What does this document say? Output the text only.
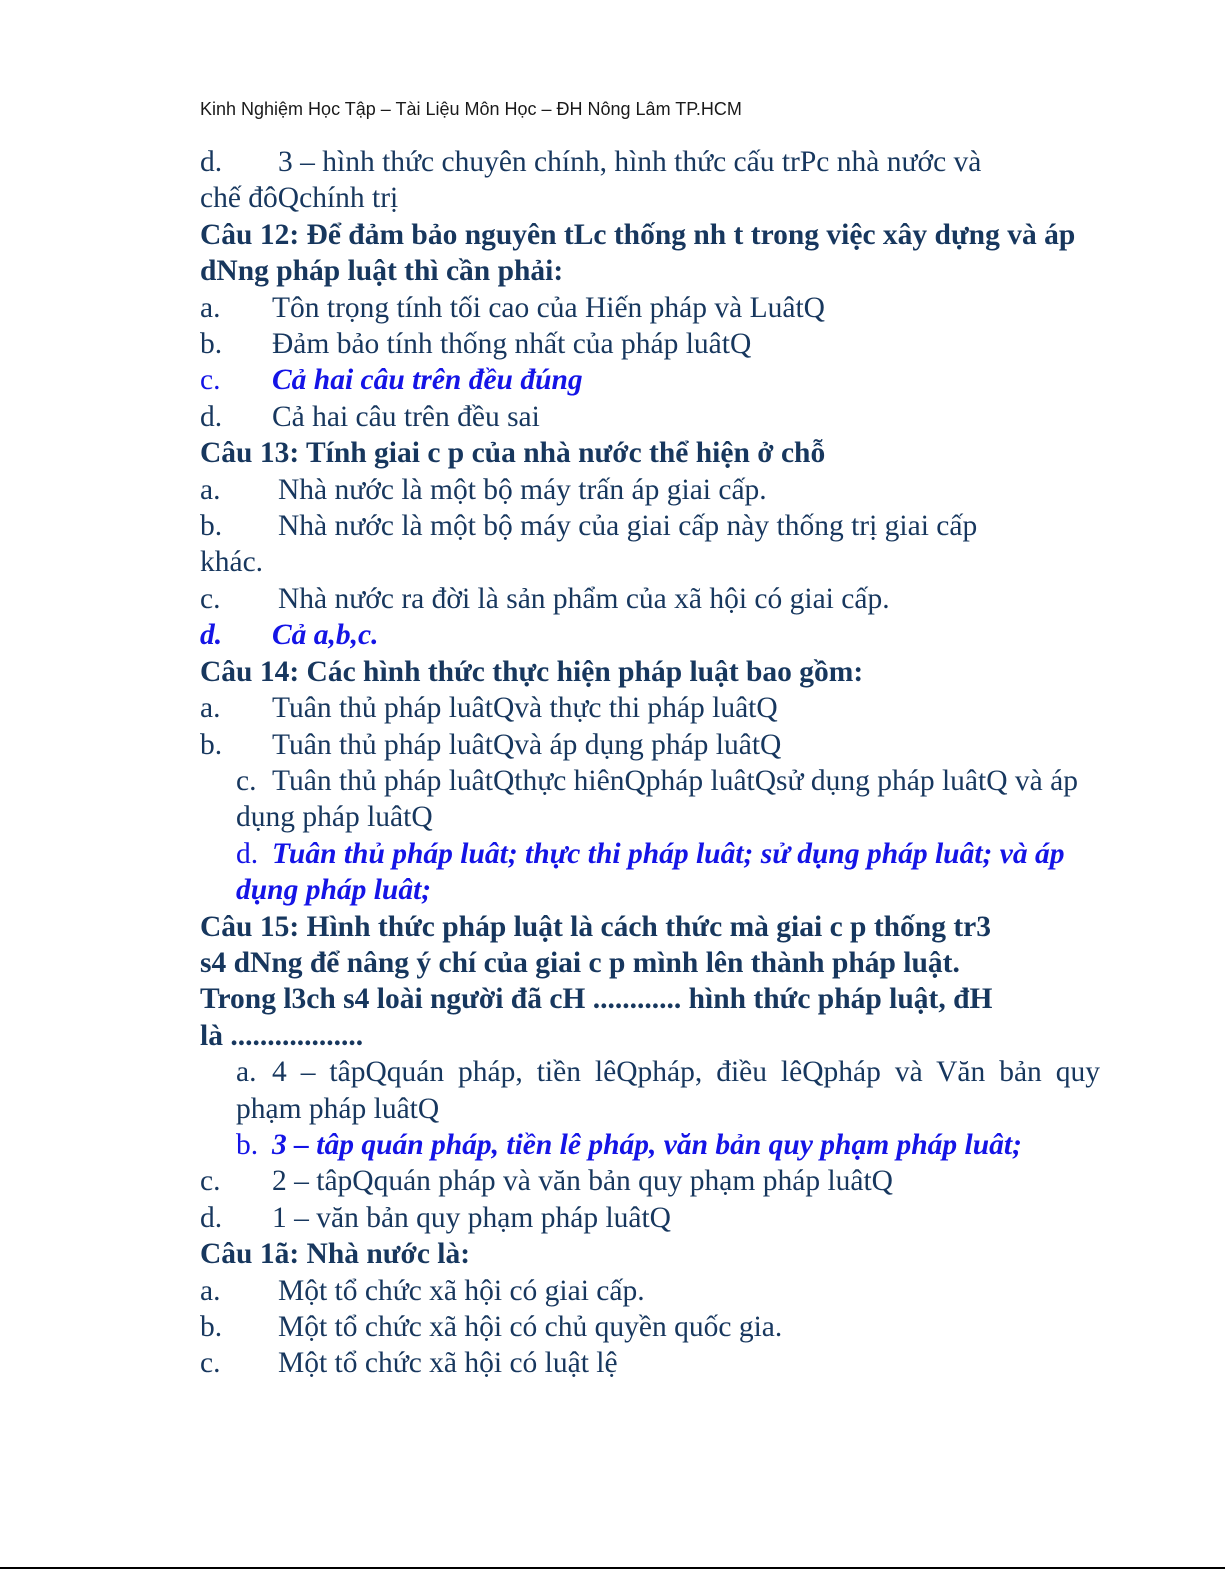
Kinh Nghiệm Học Tập – Tài Liệu Môn Học – ĐH Nông Lâm TP.HCM
d.	3 – hình thức chuyên chính, hình thức cấu trPc nhà nước và
chế đôQchính trị
Câu 12: Để đảm bảo nguyên tLc thống nh t trong việc xây dựng và áp dNng pháp luật thì cần phải:
a. Tôn trọng tính tối cao của Hiến pháp và LuâtQ
b. Đảm bảo tính thống nhất của pháp luâtQ
c. Cả hai câu trên đều đúng
d. Cả hai câu trên đều sai
Câu 13: Tính giai c p của nhà nước thể hiện ở chỗ
a.	Nhà nước là một bộ máy trấn áp giai cấp.
b.	Nhà nước là một bộ máy của giai cấp này thống trị giai cấp
khác.
c.	Nhà nước ra đời là sản phẩm của xã hội có giai cấp.
d.	Cả a,b,c.
Câu 14: Các hình thức thực hiện pháp luật bao gồm:
a. Tuân thủ pháp luâtQvà thực thi pháp luâtQ
b. Tuân thủ pháp luâtQvà áp dụng pháp luâtQ
c. Tuân thủ pháp luâtQthực hiênQpháp luâtQsử dụng pháp luâtQ và áp dụng pháp luâtQ
d. Tuân thủ pháp luât; thực thi pháp luât; sử dụng pháp luât; và áp dụng pháp luât;
Câu 15: Hình thức pháp luật là cách thức mà giai c p thống tr3 s4 dNng để nâng ý chí của giai c p mình lên thành pháp luật. Trong l3ch s4 loài người đã cH ............ hình thức pháp luật, đH là ..................
a. 4 – tâpQquán pháp, tiền lêQpháp, điều lêQpháp và Văn bản quy phạm pháp luâtQ
b. 3 – tâp quán pháp, tiền lê pháp, văn bản quy phạm pháp luât;
c. 2 – tâpQquán pháp và văn bản quy phạm pháp luâtQ
d. 1 – văn bản quy phạm pháp luâtQ
Câu 1ã: Nhà nước là:
a.	Một tổ chức xã hội có giai cấp.
b.	Một tổ chức xã hội có chủ quyền quốc gia.
c.	Một tổ chức xã hội có luật lệ
